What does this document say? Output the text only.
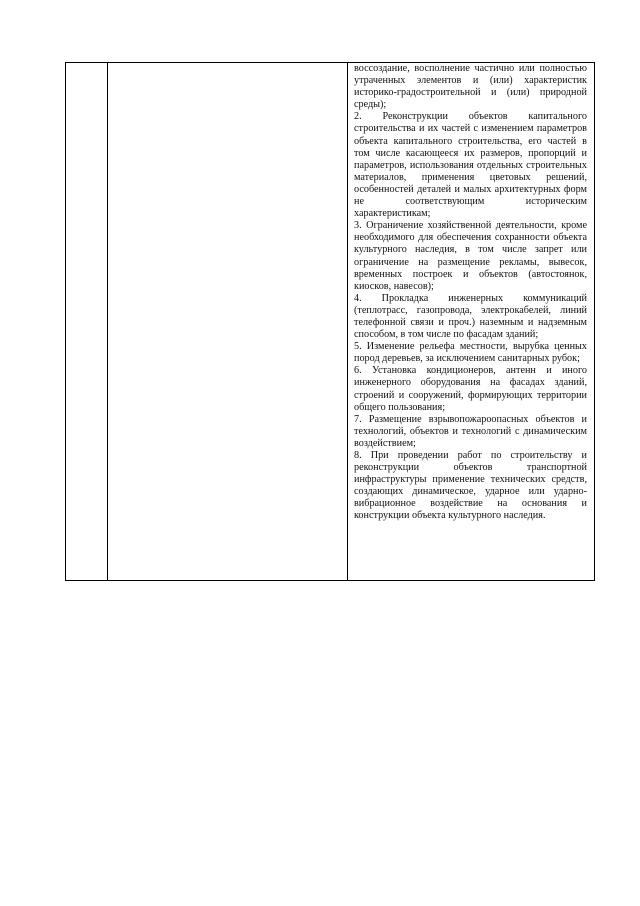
воссоздание, восполнение частично или полностью утраченных элементов и (или) характеристик историко-градостроительной и (или) природной среды);

2. Реконструкции объектов капитального строительства и их частей с изменением параметров объекта капитального строительства, его частей в том числе касающееся их размеров, пропорций и параметров, использования отдельных строительных материалов, применения цветовых решений, особенностей деталей и малых архитектурных форм не соответствующим историческим характеристикам;

3. Ограничение хозяйственной деятельности, кроме необходимого для обеспечения сохранности объекта культурного наследия, в том числе запрет или ограничение на размещение рекламы, вывесок, временных построек и объектов (автостоянок, киосков, навесов);

4. Прокладка инженерных коммуникаций (теплотрасс, газопровода, электрокабелей, линий телефонной связи и проч.) наземным и надземным способом, в том числе по фасадам зданий;

5. Изменение рельефа местности, вырубка ценных пород деревьев, за исключением санитарных рубок;

6. Установка кондиционеров, антенн и иного инженерного оборудования на фасадах зданий, строений и сооружений, формирующих территории общего пользования;

7. Размещение взрывопожароопасных объектов и технологий, объектов и технологий с динамическим воздействием;

8. При проведении работ по строительству и реконструкции объектов транспортной инфраструктуры применение технических средств, создающих динамическое, ударное или ударно-вибрационное воздействие на основания и конструкции объекта культурного наследия.
